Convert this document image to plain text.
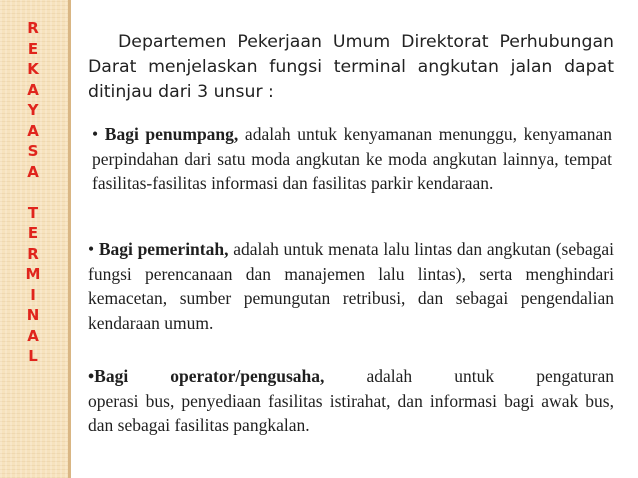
R
E
K
A
Y
A
S
A
T
E
R
M
I
N
A
L
Departemen Pekerjaan Umum Direktorat Perhubungan Darat menjelaskan fungsi terminal angkutan jalan dapat ditinjau dari 3 unsur :
• Bagi penumpang, adalah untuk kenyamanan menunggu, kenyamanan perpindahan dari satu moda angkutan ke moda angkutan lainnya, tempat fasilitas-fasilitas informasi dan fasilitas parkir kendaraan.
• Bagi pemerintah, adalah untuk menata lalu lintas dan angkutan (sebagai fungsi perencanaan dan manajemen lalu lintas), serta menghindari kemacetan, sumber pemungutan retribusi, dan sebagai pengendalian kendaraan umum.
•Bagi operator/pengusaha, adalah untuk pengaturan
operasi bus, penyediaan fasilitas istirahat, dan informasi bagi awak bus, dan sebagai fasilitas pangkalan.
